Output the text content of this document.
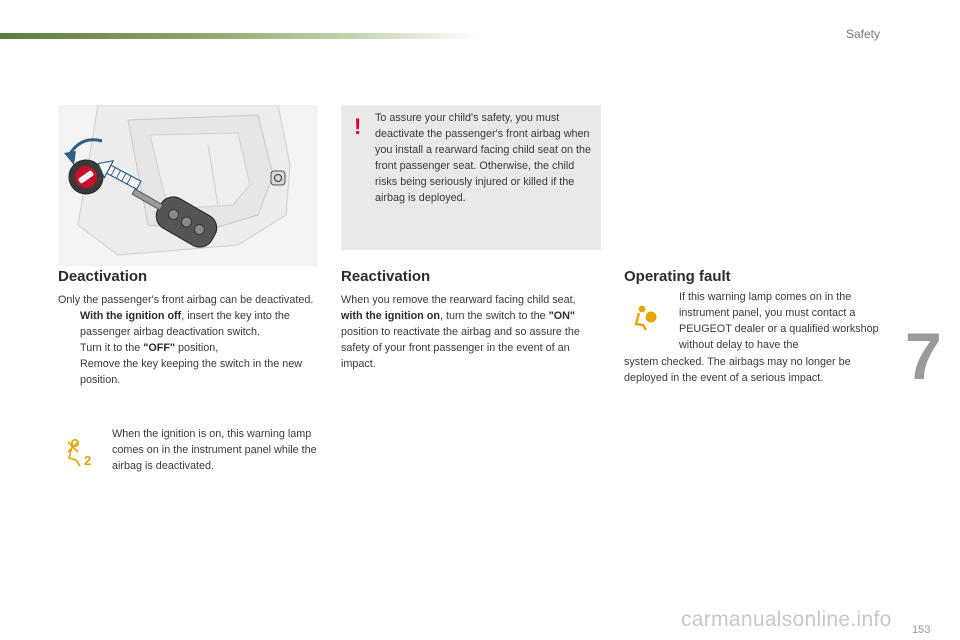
Safety
! To assure your child's safety, you must deactivate the passenger's front airbag when you install a rearward facing child seat on the front passenger seat. Otherwise, the child risks being seriously injured or killed if the airbag is deployed.
Deactivation
Only the passenger's front airbag can be deactivated.
With the ignition off, insert the key into the passenger airbag deactivation switch.
Turn it to the "OFF" position,
Remove the key keeping the switch in the new position.
2
When the ignition is on, this warning lamp comes on in the instrument panel while the airbag is deactivated.
Reactivation
When you remove the rearward facing child seat, with the ignition on, turn the switch to the "ON" position to reactivate the airbag and so assure the safety of your front passenger in the event of an impact.
Operating fault
If this warning lamp comes on in the instrument panel, you must contact a PEUGEOT dealer or a qualified workshop without delay to have the
system checked. The airbags may no longer be deployed in the event of a serious impact.	7
153
carmanualsonline.info
